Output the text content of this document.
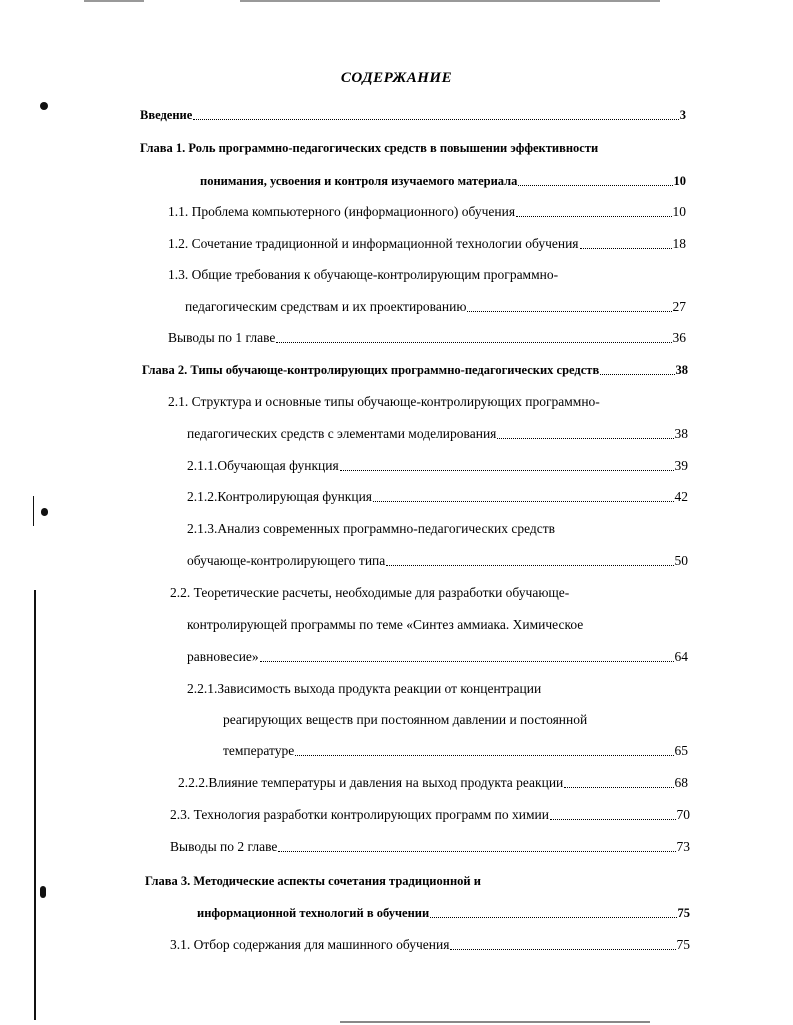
СОДЕРЖАНИЕ
Введение	3
Глава 1. Роль программно-педагогических средств в повышении эффективности
понимания, усвоения и контроля изучаемого материала	10
1.1. Проблема компьютерного (информационного) обучения	10
1.2. Сочетание традиционной и информационной технологии обучения	18
1.3. Общие требования к обучающе-контролирующим программно-
педагогическим средствам и их проектированию	27
Выводы по 1 главе	36
Глава 2. Типы обучающе-контролирующих программно-педагогических средств	38
2.1. Структура и основные типы обучающе-контролирующих программно-
педагогических средств с элементами моделирования	38
2.1.1.Обучающая функция	39
2.1.2.Контролирующая функция	42
2.1.3.Анализ современных программно-педагогических средств
обучающе-контролирующего типа	50
2.2. Теоретические расчеты, необходимые для разработки обучающе-
контролирующей программы по теме «Синтез аммиака. Химическое
равновесие»	64
2.2.1.Зависимость выхода продукта реакции от концентрации
реагирующих веществ при постоянном давлении и постоянной
температуре	65
2.2.2.Влияние температуры и давления на выход продукта реакции	68
2.3. Технология разработки контролирующих программ по химии	70
Выводы по 2 главе	73
Глава 3. Методические аспекты сочетания традиционной и
информационной технологий в обучении	75
3.1. Отбор содержания для машинного обучения	75
